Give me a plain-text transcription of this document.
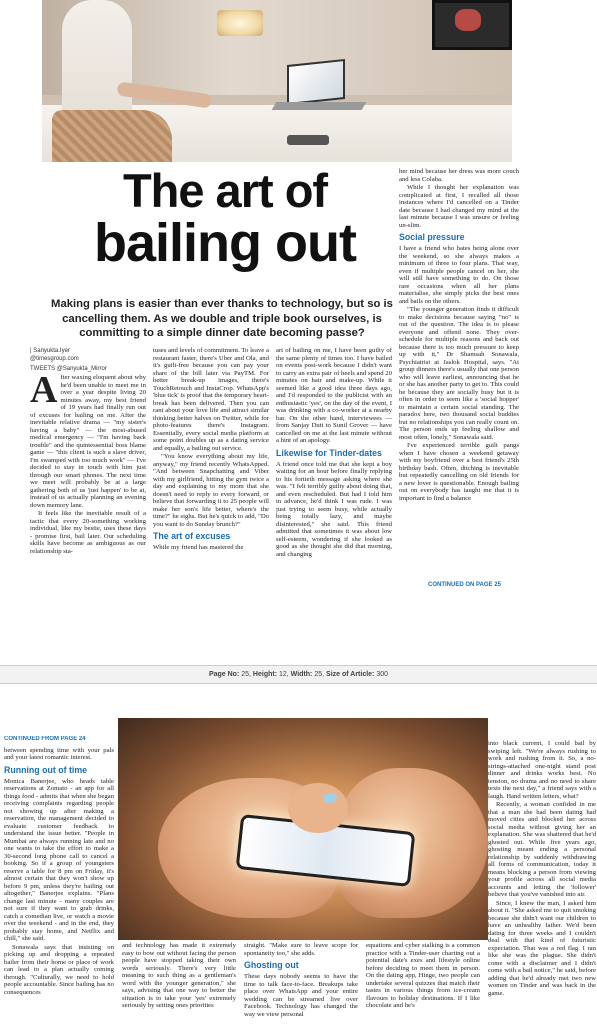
The art of
bailing out
Making plans is easier than ever thanks to technology, but so is cancelling them. As we double and triple book ourselves, is committing to a simple dinner date becoming passe?
| Sanyukta.Iyer
@timesgroup.com
TWEETS @Sanyukta_Mirror
A fter waxing eloquent about why he'd been unable to meet me in over a year despite living 20 minutes away, my best friend of 19 years had finally run out of excuses for bailing on me. After the inevitable relative drama — "my sister's having a baby" — the most-abused medical emergency — "I'm having back trouble" and the quintessential boss blame game — "this client is such a slave driver, I'm swamped with too much work" — I've decided to stay in touch with him just through our smart phones. The next time we meet will probably be at a large gathering both of us 'just happen' to be at, instead of us actually planning an evening down memory lane.

It feels like the inevitable result of a tactic that every 20-something working individual, like my bestie, uses these days - promise first, bail later. Our scheduling skills have become as ambiguous as our relationship sta-

tuses and levels of commitment. To leave a restaurant faster, there's Uber and Ola, and it's guilt-free because you can pay your share of the bill later via PayTM. For better break-up images, there's TouchRetouch and InstaCrop. WhatsApp's 'blue tick' is proof that the temporary heart-break has been delivered. Then you can rant about your love life and attract similar thinking better halves on Twitter, while for photo-features there's Instagram. Essentially, every social media platform at some point doubles up as a dating service and equally, a bailing out service.

"You know everything about my life, anyway," my friend recently WhatsApped. "And between Snapchatting and Viber with my girlfriend, hitting the gym twice a day and explaining to my mom that she doesn't need to reply to every forward, or believe that forwarding it to 25 people will make her son's life better, where's the time?" he sighs. But he's quick to add, "Do you want to do Sunday brunch?"

The art of excuses

While my friend has mastered the

art of bailing on me, I have been guilty of the same plenty of times too. I have bailed on events post-work because I didn't want to carry an extra pair of heels and spend 20 minutes on hair and make-up. While it seemed like a good idea three days ago, and I'd responded to the publicist with an enthusiastic 'yes', on the day of the event, I was drinking with a co-worker at a nearby bar. On the other hand, interviewees — from Sanjay Dutt to Sunil Grover — have cancelled on me at the last minute without a hint of an apology.

Likewise for Tinder-dates

A friend once told me that she kept a boy waiting for an hour before finally replying to his fortieth message asking where she was. "I felt terribly guilty about doing that, and even rescheduled. But had I told him in advance, he'd think I was rude. I was just trying to seem busy, while actually being totally lazy, and maybe disinterested," she said. This friend admitted that sometimes it was about low self-esteem, wondering if she looked as good as she thought she did that morning, and changing

her mind because her dress was more couch and less Colaba.

While I thought her explanation was complicated at first, I recalled all those instances where I'd cancelled on a Tinder date because I had changed my mind at the last minute because I was unsure or feeling un-slim.

Social pressure

I have a friend who hates being alone over the weekend, so she always makes a minimum of three to four plans. That way, even if multiple people cancel on her, she will still have something to do. On those rare occasions when all her plans materialise, she simply picks the best ones and bails on the others.

"The younger generation finds it difficult to make decisions because saying "no" is out of the question. The idea is to please everyone and offend none. They over-schedule for multiple reasons and back out because there is too much pressure to keep up with it," Dr Shamsah Sonawala, Psychiatrist at Jaslok Hospital, says. "At group dinners there's usually that one person who will leave earliest, announcing that he or she has another party to get to. This could be because they are socially busy but it is often in order to seem like a 'social hopper' to maintain a certain social standing. The paradox here, two thousand social buddies but no relationships you can really count on. The person ends up feeling shallow and most often, lonely," Sonawala said.

I've experienced terrible guilt pangs when I have chosen a weekend getaway with my boyfriend over a best friend's 25th birthday bash. Often, ditching is inevitable but repeatedly cancelling on old friends for a new lover is questionable. Enough bailing out on everybody has taught me that it is important to find a balance

CONTINUED ON PAGE 25
Page No: 25, Height: 12, Width: 25, Size of Article: 300
CONTINUED FROM PAGE 24

between spending time with your pals and your latest romantic interest.

Running out of time

Monica Banerjee, who heads table reservations at Zomato - an app for all things food - admits that when she began receiving complaints regarding people not showing up after making a reservation, the management decided to evaluate customer feedback to understand the issue better. "People in Mumbai are always running late and no one wants to take the effort to make a 30-second long phone call to cancel a booking. So if a group of youngsters reserve a table for 8 pm on Friday, it's almost certain that they won't show up before 9 pm, unless they're bailing out altogether," Banerjee explains. "Plans change last minute - many couples are not sure if they want to grab drinks, catch a comedian live, or watch a movie over the weekend - and in the end, they probably stay home, and Netflix and chill," she said.

Sonawala says that insisting on picking up and dropping a repeated bailer from their home or place of work can lead to a plan actually coming through. "Culturally, we need to hold people accountable. Since bailing has no consequences

and technology has made it extremely easy to bow out without facing the person people have stopped taking their own words seriously. There's very little meaning to such thing as a gentleman's word with the younger generation," she says, advising that one way to better the situation is to take your 'yes' extremely seriously by setting ones priorities

straight. "Make sure to leave scope for spontaneity too," she adds.

Ghosting out

These days nobody seems to have the time to talk face-to-face. Breakups take place over WhatsApp and your entire wedding can be streamed live over Facebook. Technology has changed the way we view personal

equations and cyber stalking is a common practice with a Tinder-user charting out a potential date's exes and lifestyle online before deciding to meet them in person. On the dating app, Hinge, two people can undertake several quizzes that match their tastes in various things from ice-cream flavours to holiday destinations. If I like chocolate and he's

into black current, I could bail by swiping left. "We're always rushing to work and rushing from it. So, a no-strings-attached one-night stand post dinner and drinks works best. No tension, no drama and no need to share texts the next day," a friend says with a laugh. Hand written letters, what?

Recently, a woman confided in me that a man she had been dating had moved cities and blocked her across social media without giving her an explanation. She was shattered that he'd ghosted out. While five years ago, ghosting meant ending a personal relationship by suddenly withdrawing all forms of communication, today it means blocking a person from viewing your profile across all social media accounts and letting the 'follower' believe that you've vanished into air.

Since, I knew the man, I asked him about it. "She asked me to quit smoking because she didn't want our children to have an unhealthy father. We'd been dating for three weeks and I couldn't deal with that kind of futuristic expectation. That was a red flag. I ran like she was the plague. She didn't come with a disclaimer and I didn't come with a bail notice," he said, before adding that he'd already met two new women on Tinder and was back in the game.
